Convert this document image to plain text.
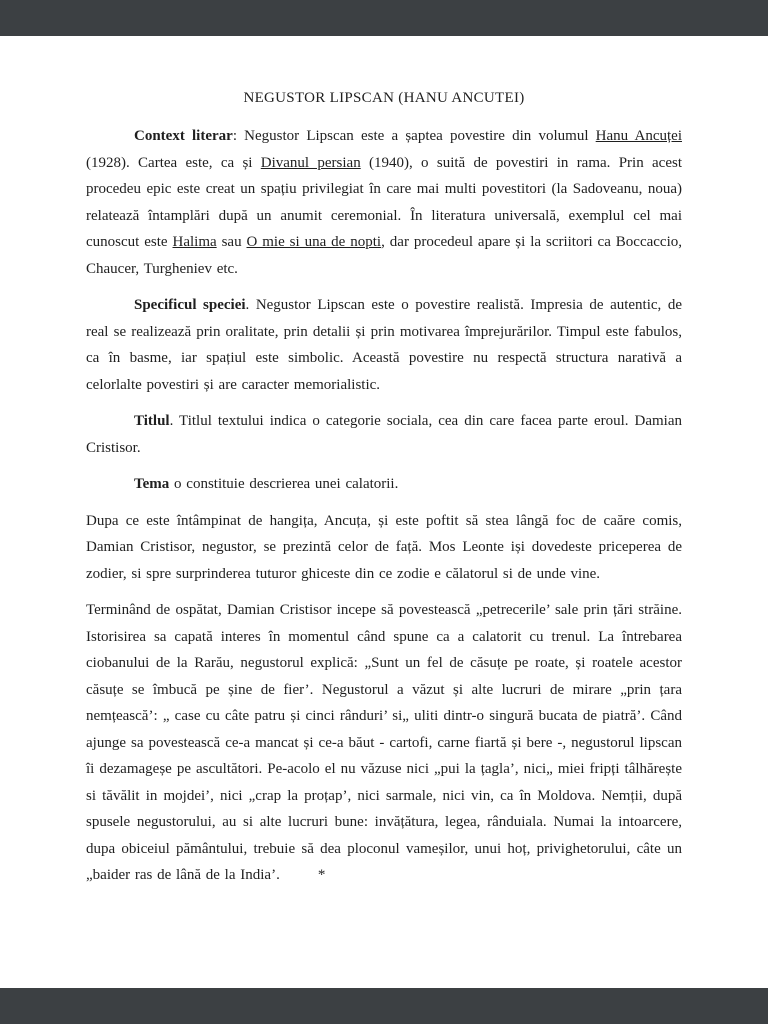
NEGUSTOR LIPSCAN (HANU ANCUTEI)

Context literar: Negustor Lipscan este a șaptea povestire din volumul Hanu Ancuței (1928). Cartea este, ca și Divanul persian (1940), o suită de povestiri in rama. Prin acest procedeu epic este creat un spațiu privilegiat în care mai multi povestitori (la Sadoveanu, noua) relatează întamplări după un anumit ceremonial. În literatura universală, exemplul cel mai cunoscut este Halima sau O mie si una de nopti, dar procedeul apare și la scriitori ca Boccaccio, Chaucer, Turgheniev etc.

Specificul speciei. Negustor Lipscan este o povestire realistă. Impresia de autentic, de real se realizează prin oralitate, prin detalii și prin motivarea împrejurărilor. Timpul este fabulos, ca în basme, iar spațiul este simbolic. Această povestire nu respectă structura narativă a celorlalte povestiri și are caracter memorialistic.

Titlul. Titlul textului indica o categorie sociala, cea din care facea parte eroul. Damian Cristisor.

Tema o constituie descrierea unei calatorii.

Dupa ce este întâmpinat de hangița, Ancuța, și este poftit să stea lângă foc de caăre comis, Damian Cristisor, negustor, se prezintă celor de față. Mos Leonte iși dovedeste priceperea de zodier, si spre surprinderea tuturor ghiceste din ce zodie e călatorul si de unde vine.

Terminând de ospătat, Damian Cristisor incepe să povestească „petrecerile’ sale prin țări străine. Istorisirea sa capată interes în momentul când spune ca a calatorit cu trenul. La întrebarea ciobanului de la Rarău, negustorul explică: „Sunt un fel de căsuțe pe roate, și roatele acestor căsuțe se îmbucă pe șine de fier’. Negustorul a văzut și alte lucruri de mirare „prin țara nemțească’: „ case cu câte patru și cinci rânduri’ si„ uliti dintr-o singură bucata de piatră’. Când ajunge sa povestească ce-a mancat și ce-a băut - cartofi, carne fiartă și bere -, negustorul lipscan îi dezamageșe pe ascultători. Pe-acolo el nu văzuse nici „pui la țagla’, nici„ miei fripți tâlhărește si tăvălit in mojdei’, nici „crap la proțap’, nici sarmale, nici vin, ca în Moldova. Nemții, după spusele negustorului, au si alte lucruri bune: invățătura, legea, rânduiala. Numai la intoarcere, dupa obiceiul pământului, trebuie să dea ploconul vameșilor, unui hoț, privighetorului, câte un „baider ras de lână de la India’.        *
